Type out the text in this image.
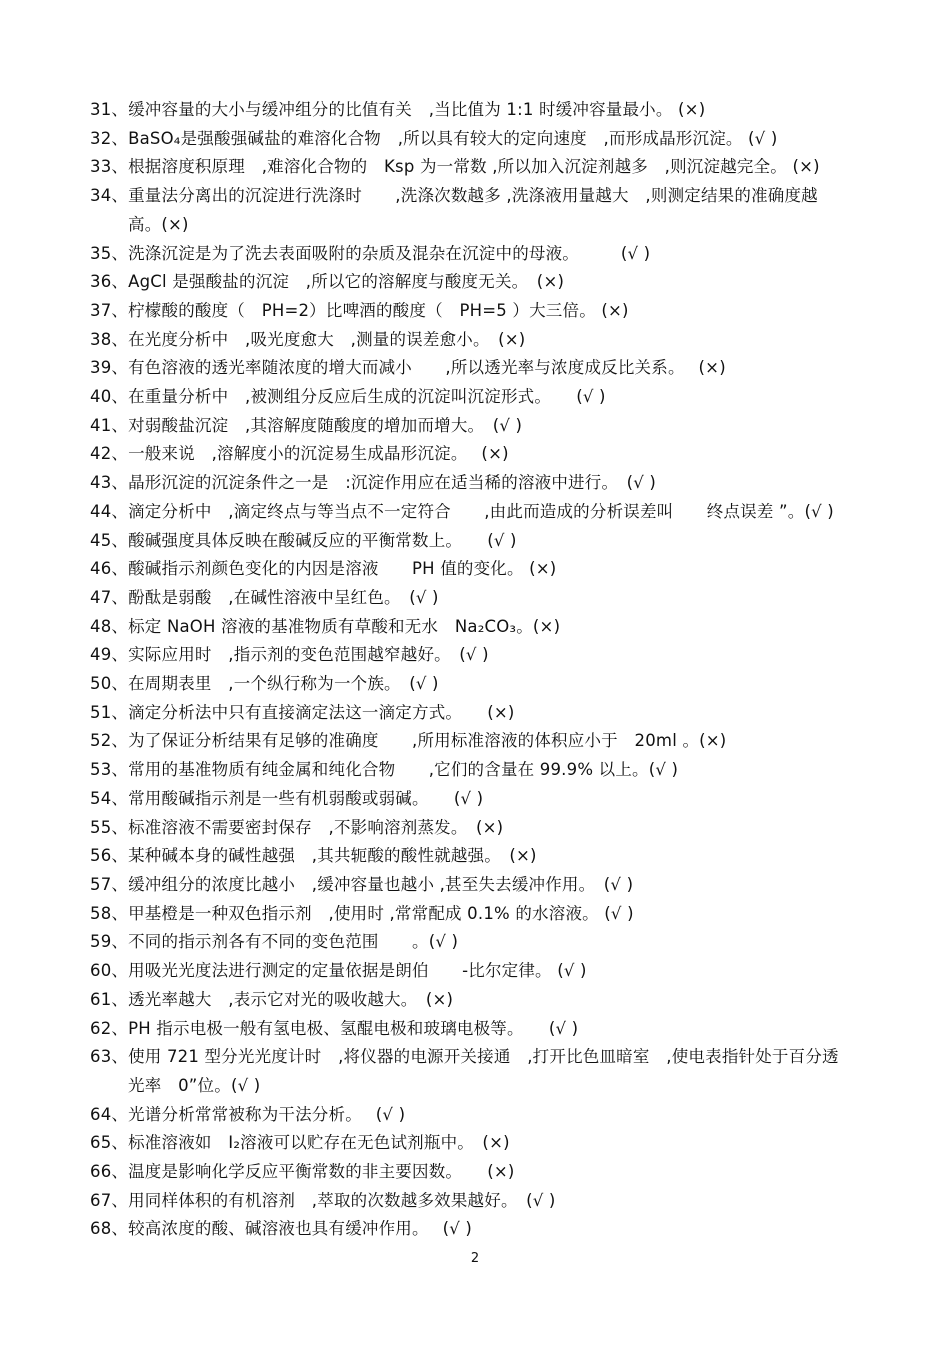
31、缓冲容量的大小与缓冲组分的比值有关　,当比值为 1:1 时缓冲容量最小。 (×)
32、BaSO₄是强酸强碱盐的难溶化合物　,所以具有较大的定向速度　,而形成晶形沉淀。 (√ )
33、根据溶度积原理　,难溶化合物的　Ksp 为一常数 ,所以加入沉淀剂越多　,则沉淀越完全。 (×)
34、重量法分离出的沉淀进行洗涤时　　,洗涤次数越多 ,洗涤液用量越大　,则测定结果的准确度越
高。(×)
35、洗涤沉淀是为了洗去表面吸附的杂质及混杂在沉淀中的母液。　　　(√ )
36、AgCl 是强酸盐的沉淀　,所以它的溶解度与酸度无关。　(×)
37、柠檬酸的酸度（　PH=2）比啤酒的酸度（　PH=5 ）大三倍。 (×)
38、在光度分析中　,吸光度愈大　,测量的误差愈小。　(×)
39、有色溶液的透光率随浓度的增大而减小　　,所以透光率与浓度成反比关系。　 (×)
40、在重量分析中　,被测组分反应后生成的沉淀叫沉淀形式。　　(√ )
41、对弱酸盐沉淀　,其溶解度随酸度的增加而增大。　(√ )
42、一般来说　,溶解度小的沉淀易生成晶形沉淀。　 (×)
43、晶形沉淀的沉淀条件之一是　:沉淀作用应在适当稀的溶液中进行。　(√ )
44、滴定分析中　,滴定终点与等当点不一定符合　　,由此而造成的分析误差叫　　终点误差 ”。(√ )
45、酸碱强度具体反映在酸碱反应的平衡常数上。　　(√ )
46、酸碱指示剂颜色变化的内因是溶液　　PH 值的变化。 (×)
47、酚酞是弱酸　,在碱性溶液中呈红色。　(√ )
48、标定 NaOH 溶液的基准物质有草酸和无水　Na₂CO₃。(×)
49、实际应用时　,指示剂的变色范围越窄越好。　(√ )
50、在周期表里　,一个纵行称为一个族。　(√ )
51、滴定分析法中只有直接滴定法这一滴定方式。　　(×)
52、为了保证分析结果有足够的准确度　　,所用标准溶液的体积应小于　20ml 。(×)
53、常用的基准物质有纯金属和纯化合物　　,它们的含量在 99.9% 以上。(√ )
54、常用酸碱指示剂是一些有机弱酸或弱碱。　　(√ )
55、标准溶液不需要密封保存　,不影响溶剂蒸发。　(×)
56、某种碱本身的碱性越强　,其共轭酸的酸性就越强。　(×)
57、缓冲组分的浓度比越小　,缓冲容量也越小 ,甚至失去缓冲作用。　(√ )
58、甲基橙是一种双色指示剂　,使用时 ,常常配成 0.1% 的水溶液。 (√ )
59、不同的指示剂各有不同的变色范围　　。(√ )
60、用吸光光度法进行测定的定量依据是朗伯　　-比尔定律。 (√ )
61、透光率越大　,表示它对光的吸收越大。　(×)
62、PH 指示电极一般有氢电极、氢醌电极和玻璃电极等。　　(√ )
63、使用 721 型分光光度计时　,将仪器的电源开关接通　,打开比色皿暗室　,使电表指针处于百分透
光率　0”位。(√ )
64、光谱分析常常被称为干法分析。　 (√ )
65、标准溶液如　I₂溶液可以贮存在无色试剂瓶中。　(×)
66、温度是影响化学反应平衡常数的非主要因数。　　(×)
67、用同样体积的有机溶剂　,萃取的次数越多效果越好。　(√ )
68、较高浓度的酸、碱溶液也具有缓冲作用。　 (√ )
2
